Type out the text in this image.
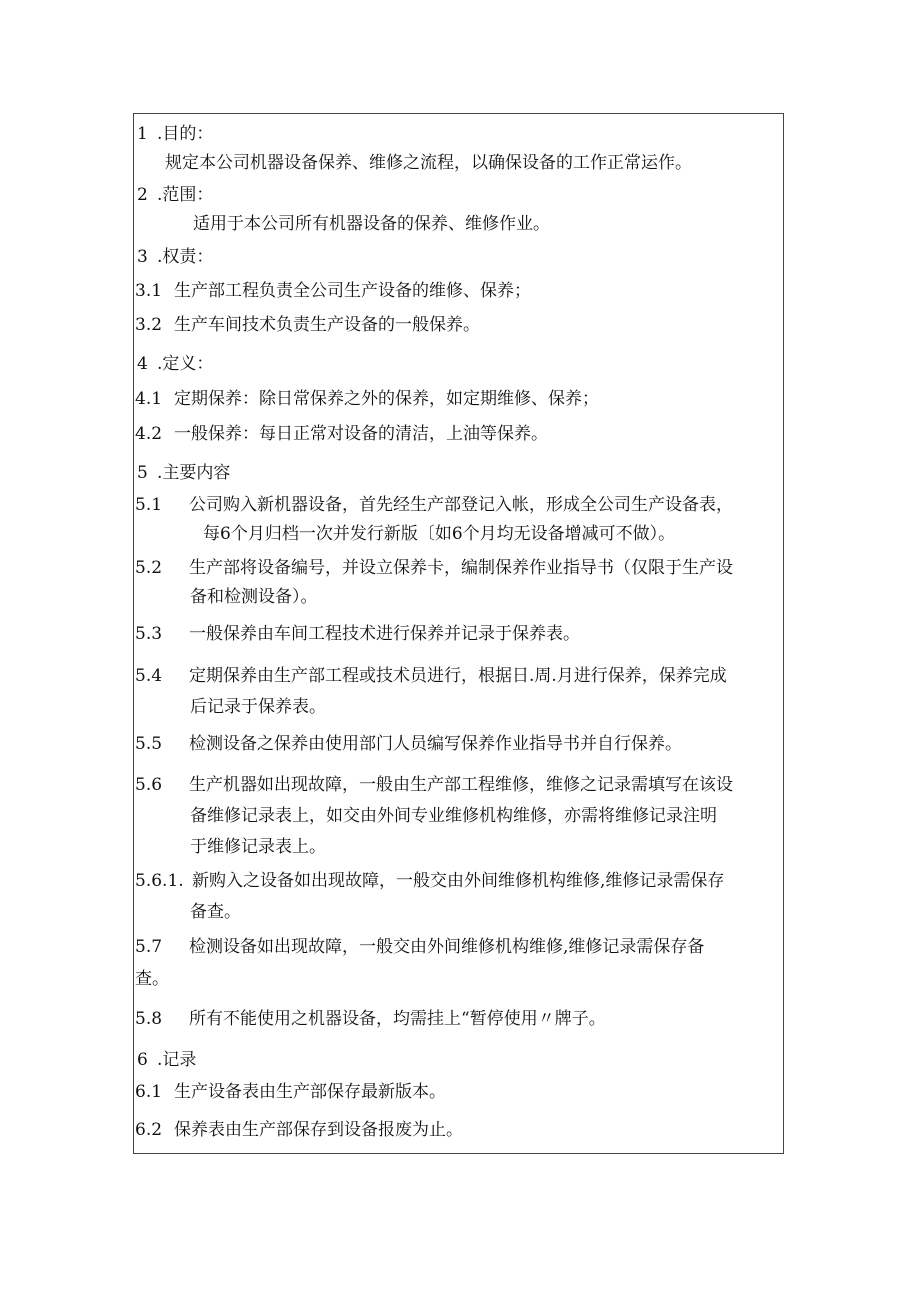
1 .目的：
规定本公司机器设备保养、维修之流程，以确保设备的工作正常运作。
2 .范围：
适用于本公司所有机器设备的保养、维修作业。
3 .权责：
3.1 生产部工程负责全公司生产设备的维修、保养；
3.2 生产车间技术负责生产设备的一般保养。
4 .定义：
4.1 定期保养：除日常保养之外的保养，如定期维修、保养；
4.2 一般保养：每日正常对设备的清洁，上油等保养。
5 .主要内容
5.1 公司购入新机器设备，首先经生产部登记入帐，形成全公司生产设备表，
每6个月归档一次并发行新版〔如6个月均无设备增减可不做）。
5.2 生产部将设备编号，并设立保养卡，编制保养作业指导书（仅限于生产设
备和检测设备）。
5.3 一般保养由车间工程技术进行保养并记录于保养表。
5.4 定期保养由生产部工程或技术员进行，根据日.周.月进行保养，保养完成
后记录于保养表。
5.5 检测设备之保养由使用部门人员编写保养作业指导书并自行保养。
5.6 生产机器如出现故障，一般由生产部工程维修，维修之记录需填写在该设
备维修记录表上，如交由外间专业维修机构维修，亦需将维修记录注明
于维修记录表上。
5.6.1. 新购入之设备如出现故障，一般交由外间维修机构维修,维修记录需保存
备查。
5.7 检测设备如出现故障，一般交由外间维修机构维修,维修记录需保存备
查。
5.8 所有不能使用之机器设备，均需挂上“暂停使用〃牌子。
6 .记录
6.1 生产设备表由生产部保存最新版本。
6.2 保养表由生产部保存到设备报废为止。
